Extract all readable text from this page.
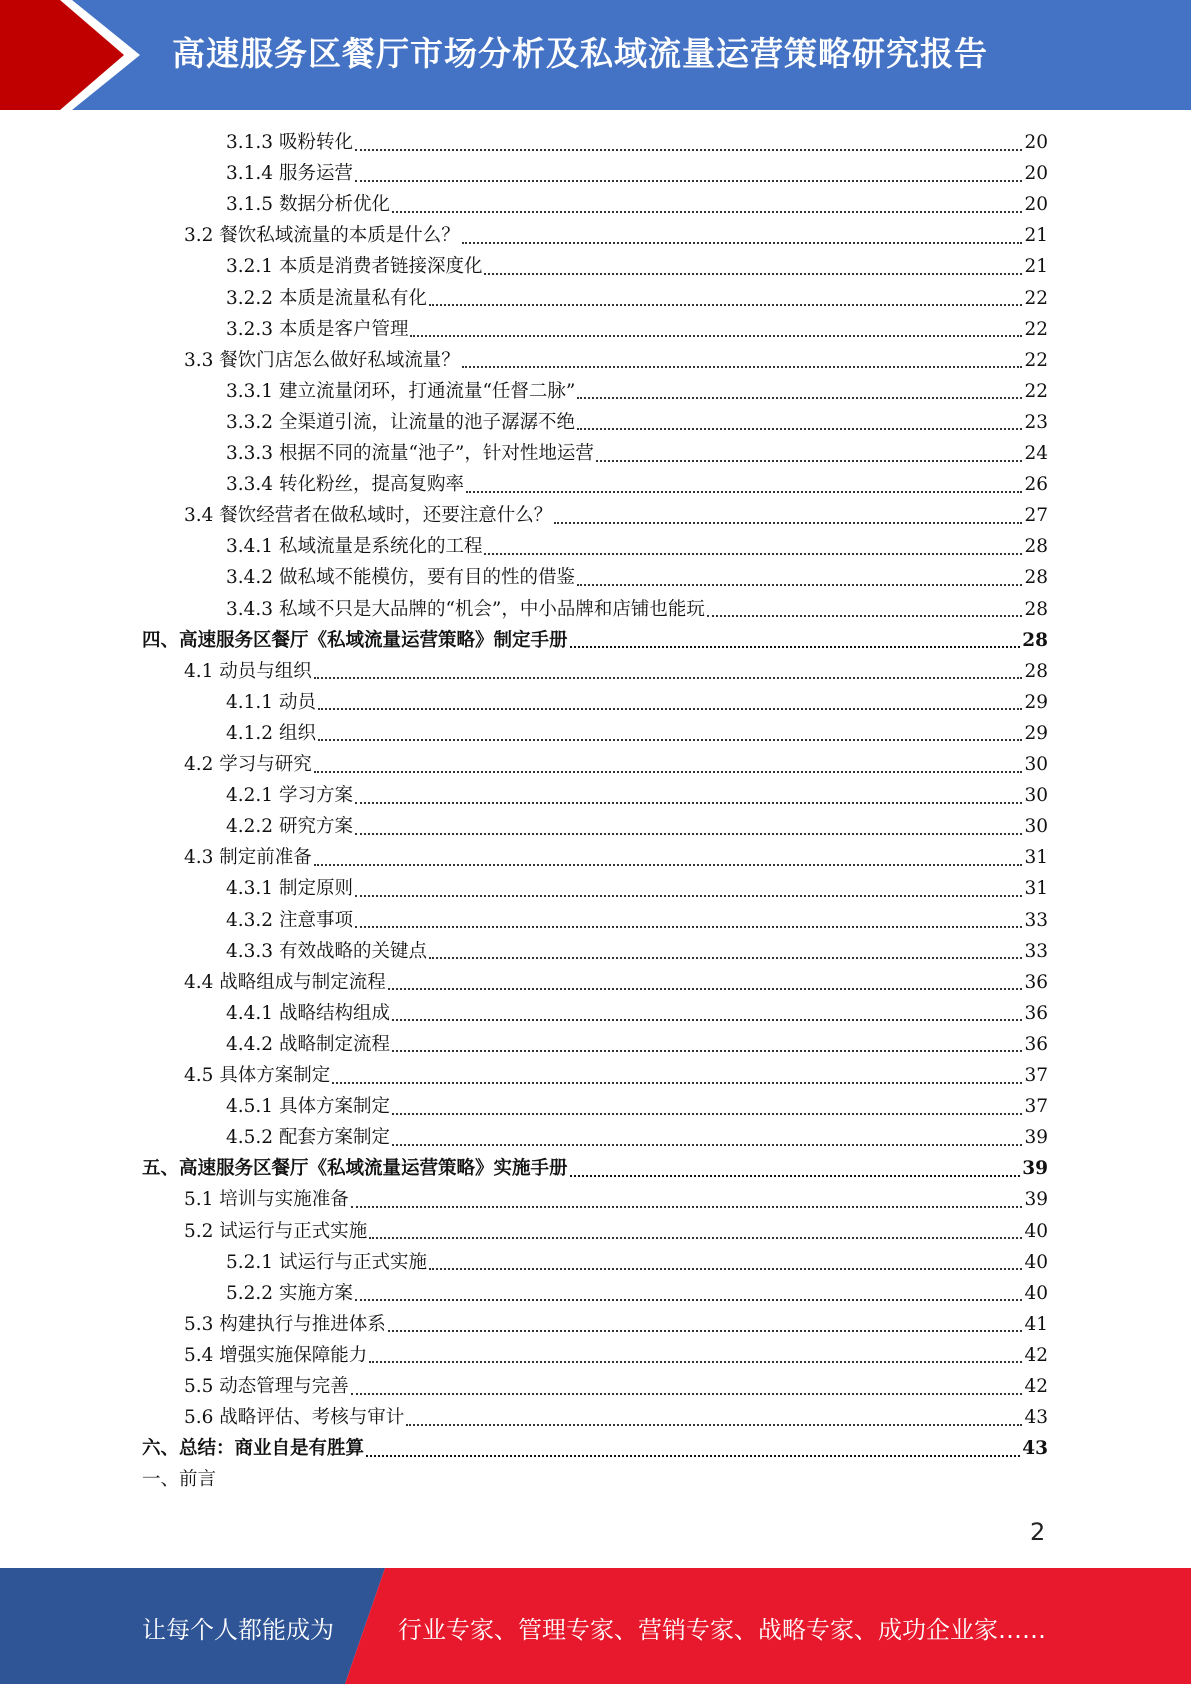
高速服务区餐厅市场分析及私域流量运营策略研究报告
3.1.3 吸粉转化	20
3.1.4 服务运营	20
3.1.5 数据分析优化	20
3.2 餐饮私域流量的本质是什么？	21
3.2.1 本质是消费者链接深度化	21
3.2.2 本质是流量私有化	22
3.2.3 本质是客户管理	22
3.3 餐饮门店怎么做好私域流量？	22
3.3.1 建立流量闭环，打通流量“任督二脉”	22
3.3.2 全渠道引流，让流量的池子潺潺不绝	23
3.3.3 根据不同的流量“池子”，针对性地运营	24
3.3.4 转化粉丝，提高复购率	26
3.4 餐饮经营者在做私域时，还要注意什么？	27
3.4.1 私域流量是系统化的工程	28
3.4.2 做私域不能模仿，要有目的性的借鉴	28
3.4.3 私域不只是大品牌的“机会”，中小品牌和店铺也能玩	28
四、高速服务区餐厅《私域流量运营策略》制定手册	28
4.1 动员与组织	28
4.1.1 动员	29
4.1.2 组织	29
4.2 学习与研究	30
4.2.1 学习方案	30
4.2.2 研究方案	30
4.3 制定前准备	31
4.3.1 制定原则	31
4.3.2 注意事项	33
4.3.3 有效战略的关键点	33
4.4 战略组成与制定流程	36
4.4.1 战略结构组成	36
4.4.2 战略制定流程	36
4.5 具体方案制定	37
4.5.1 具体方案制定	37
4.5.2 配套方案制定	39
五、高速服务区餐厅《私域流量运营策略》实施手册	39
5.1 培训与实施准备	39
5.2 试运行与正式实施	40
5.2.1 试运行与正式实施	40
5.2.2 实施方案	40
5.3 构建执行与推进体系	41
5.4 增强实施保障能力	42
5.5 动态管理与完善	42
5.6 战略评估、考核与审计	43
六、总结：商业自是有胜算	43
一、前言
2
让每个人都能成为	行业专家、管理专家、营销专家、战略专家、成功企业家……
